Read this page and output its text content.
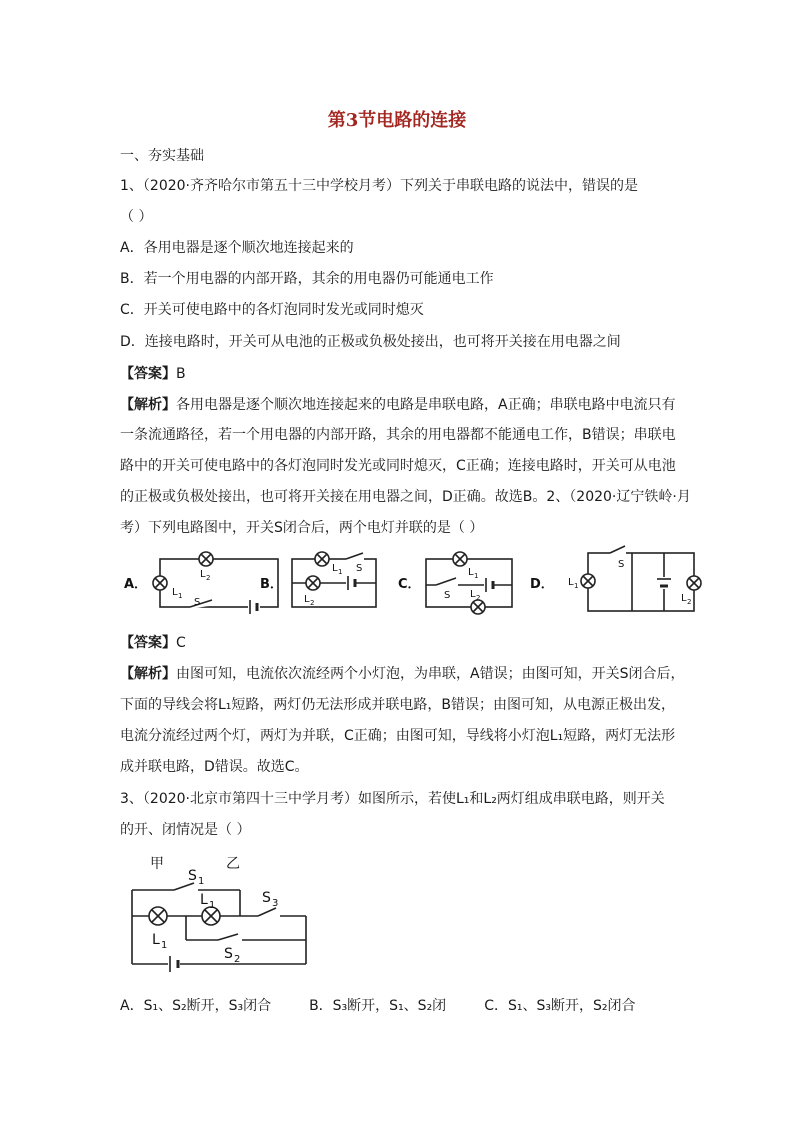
第3节电路的连接
一、夯实基础
1、（2020·齐齐哈尔市第五十三中学校月考）下列关于串联电路的说法中，错误的是
（ ）
A．各用电器是逐个顺次地连接起来的
B．若一个用电器的内部开路，其余的用电器仍可能通电工作
C．开关可使电路中的各灯泡同时发光或同时熄灭
D．连接电路时，开关可从电池的正极或负极处接出，也可将开关接在用电器之间
【答案】B
【解析】各用电器是逐个顺次地连接起来的电路是串联电路，A正确；串联电路中电流只有
一条流通路径，若一个用电器的内部开路，其余的用电器都不能通电工作，B错误；串联电
路中的开关可使电路中的各灯泡同时发光或同时熄灭，C正确；连接电路时，开关可从电池
的正极或负极处接出，也可将开关接在用电器之间，D正确。故选B。2、（2020·辽宁铁岭·月
考）下列电路图中，开关S闭合后，两个电灯并联的是（ ）
A．	B．	C．	D．
L 2
L 1
S
L 1 S
L 2
L 1
S L 2
L 1
S
L 2
【答案】C
【解析】由图可知，电流依次流经两个小灯泡，为串联，A错误；由图可知，开关S闭合后，
下面的导线会将L₁短路，两灯仍无法形成并联电路，B错误；由图可知，从电源正极出发，
电流分流经过两个灯，两灯为并联，C正确；由图可知，导线将小灯泡L₁短路，两灯无法形
成并联电路，D错误。故选C。
3、（2020·北京市第四十三中学月考）如图所示，若使L₁和L₂两灯组成串联电路，则开关
的开、闭情况是（ ）
甲	乙
S 1
L 1	S 3
L 1
S 2
A．S₁、S₂断开，S₃闭合	B．S₃断开，S₁、S₂闭	C．S₁、S₃断开，S₂闭合
